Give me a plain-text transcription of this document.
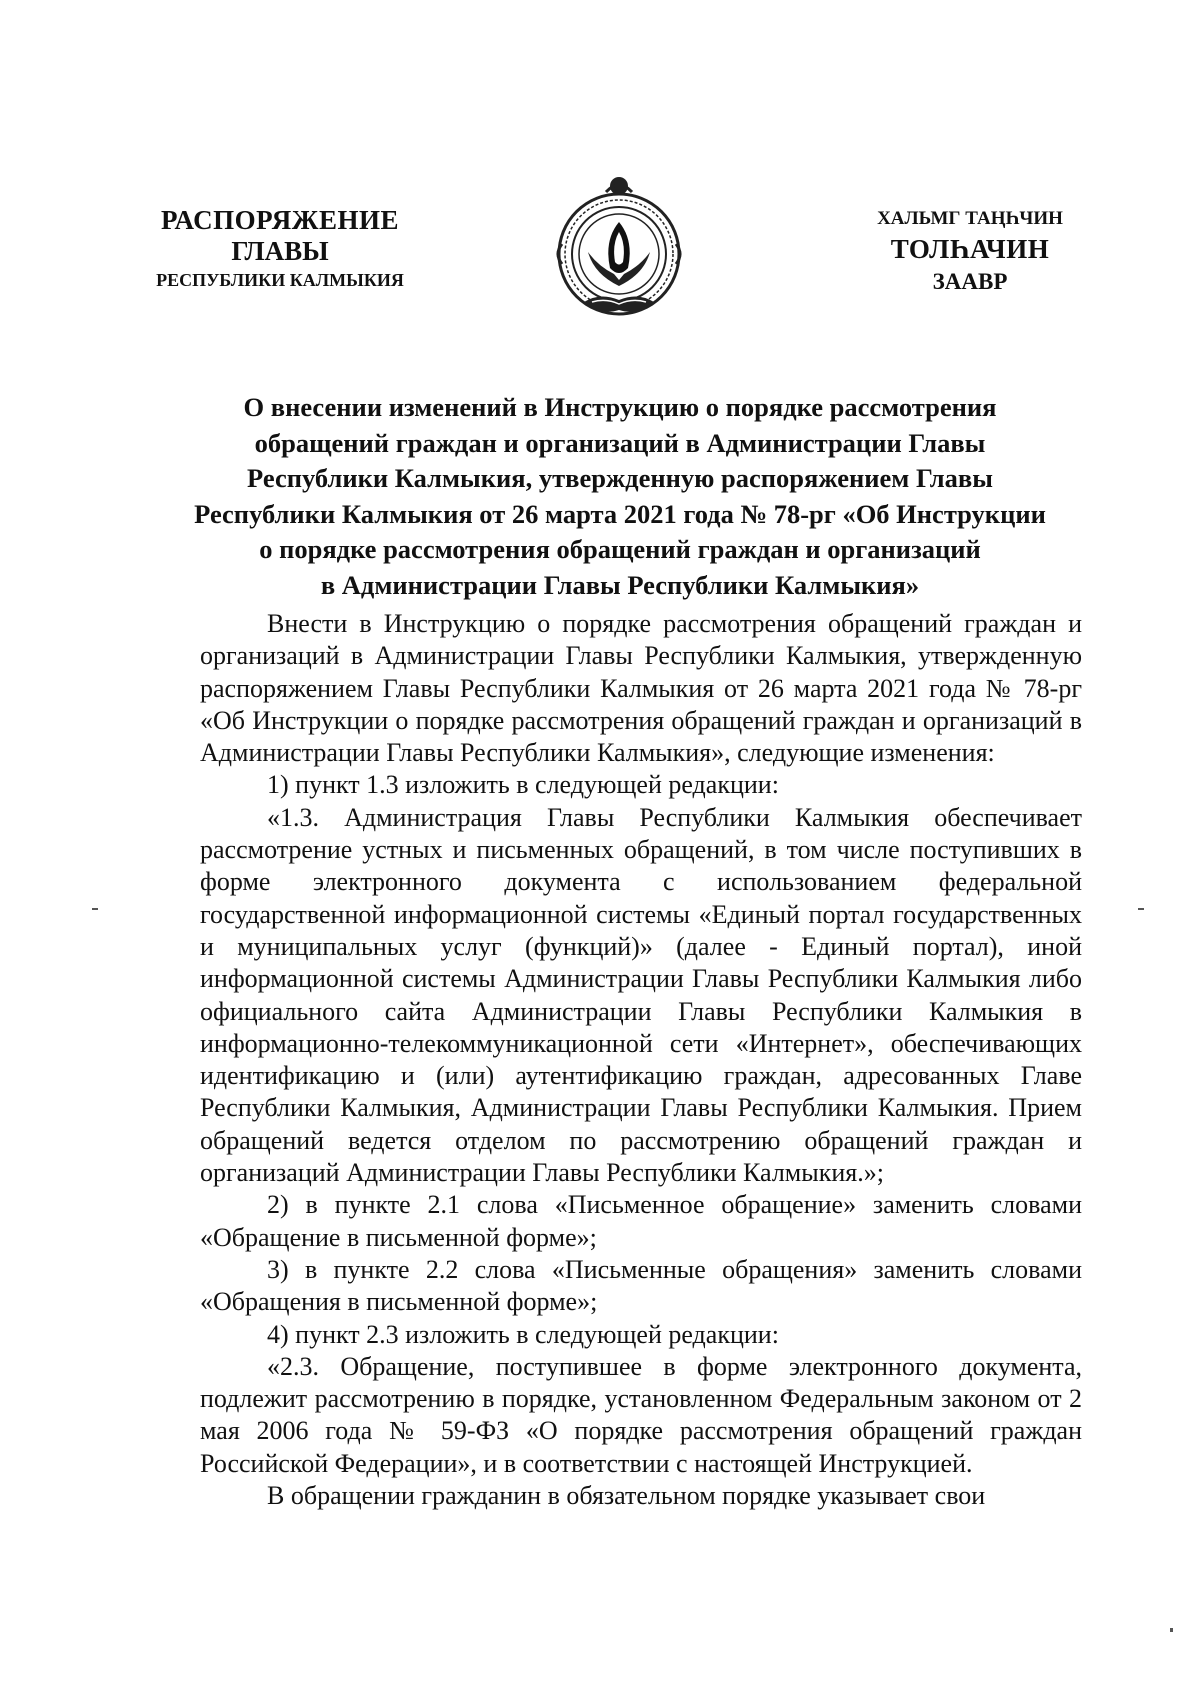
РАСПОРЯЖЕНИЕ
ГЛАВЫ
РЕСПУБЛИКИ КАЛМЫКИЯ
ХАЛЬМГ ТАҢҺЧИН
ТОЛҺАЧИН
ЗААВР
О внесении изменений в Инструкцию о порядке рассмотрения
обращений граждан и организаций в Администрации Главы
Республики Калмыкия, утвержденную распоряжением Главы
Республики Калмыкия от 26 марта 2021 года № 78-рг «Об Инструкции
о порядке рассмотрения обращений граждан и организаций
в Администрации Главы Республики Калмыкия»

Внести в Инструкцию о порядке рассмотрения обращений граждан и организаций в Администрации Главы Республики Калмыкия, утвержденную распоряжением Главы Республики Калмыкия от 26 марта 2021 года № 78-рг «Об Инструкции о порядке рассмотрения обращений граждан и организаций в Администрации Главы Республики Калмыкия», следующие изменения:

1) пункт 1.3 изложить в следующей редакции:

«1.3. Администрация Главы Республики Калмыкия обеспечивает рассмотрение устных и письменных обращений, в том числе поступивших в форме электронного документа с использованием федеральной государственной информационной системы «Единый портал государственных и муниципальных услуг (функций)» (далее - Единый портал), иной информационной системы Администрации Главы Республики Калмыкия либо официального сайта Администрации Главы Республики Калмыкия в информационно-телекоммуникационной сети «Интернет», обеспечивающих идентификацию и (или) аутентификацию граждан, адресованных Главе Республики Калмыкия, Администрации Главы Республики Калмыкия. Прием обращений ведется отделом по рассмотрению обращений граждан и организаций Администрации Главы Республики Калмыкия.»;

2) в пункте 2.1 слова «Письменное обращение» заменить словами «Обращение в письменной форме»;

3) в пункте 2.2 слова «Письменные обращения» заменить словами «Обращения в письменной форме»;

4) пункт 2.3 изложить в следующей редакции:

«2.3. Обращение, поступившее в форме электронного документа, подлежит рассмотрению в порядке, установленном Федеральным законом от 2 мая 2006 года № 59-ФЗ «О порядке рассмотрения обращений граждан Российской Федерации», и в соответствии с настоящей Инструкцией.

В обращении гражданин в обязательном порядке указывает свои
